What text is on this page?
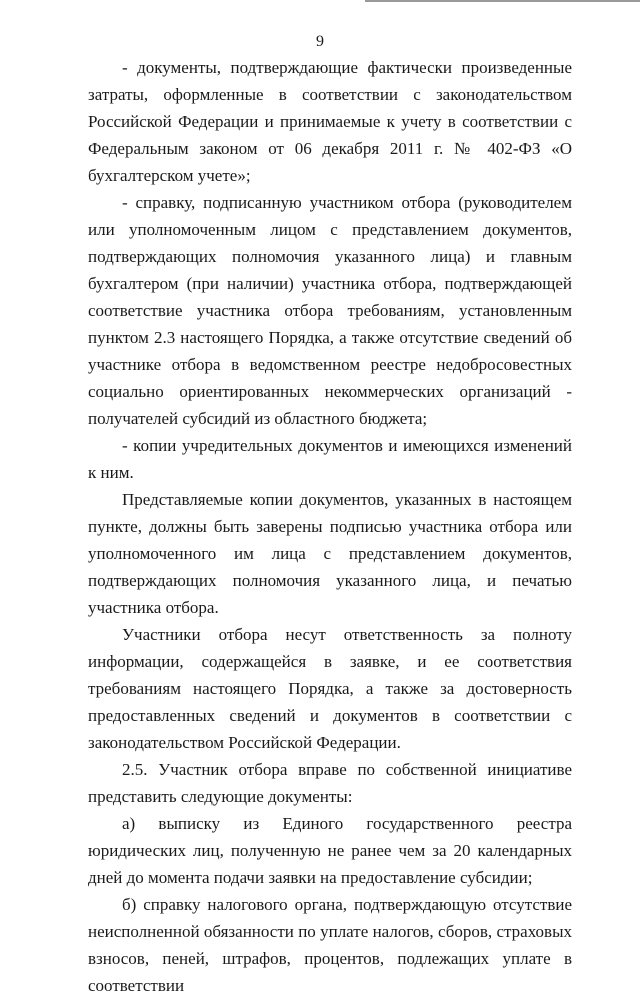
9

- документы, подтверждающие фактически произведенные затраты, оформленные в соответствии с законодательством Российской Федерации и принимаемые к учету в соответствии с Федеральным законом от 06 декабря 2011 г. № 402-ФЗ «О бухгалтерском учете»;

- справку, подписанную участником отбора (руководителем или уполномоченным лицом с представлением документов, подтверждающих полномочия указанного лица) и главным бухгалтером (при наличии) участника отбора, подтверждающей соответствие участника отбора требованиям, установленным пунктом 2.3 настоящего Порядка, а также отсутствие сведений об участнике отбора в ведомственном реестре недобросовестных социально ориентированных некоммерческих организаций - получателей субсидий из областного бюджета;

- копии учредительных документов и имеющихся изменений к ним.

Представляемые копии документов, указанных в настоящем пункте, должны быть заверены подписью участника отбора или уполномоченного им лица с представлением документов, подтверждающих полномочия указанного лица, и печатью участника отбора.

Участники отбора несут ответственность за полноту информации, содержащейся в заявке, и ее соответствия требованиям настоящего Порядка, а также за достоверность предоставленных сведений и документов в соответствии с законодательством Российской Федерации.

2.5. Участник отбора вправе по собственной инициативе представить следующие документы:

а) выписку из Единого государственного реестра юридических лиц, полученную не ранее чем за 20 календарных дней до момента подачи заявки на предоставление субсидии;

б) справку налогового органа, подтверждающую отсутствие неисполненной обязанности по уплате налогов, сборов, страховых взносов, пеней, штрафов, процентов, подлежащих уплате в соответствии
